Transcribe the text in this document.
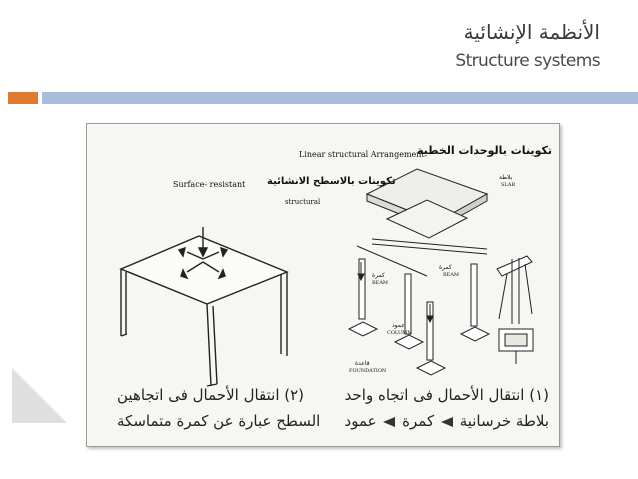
الأنظمة الإنشائية
Structure systems
تكوينات بالوحدات الخطية
Linear structural Arrangement
تكوينات بالاسطح الانشائية
Surface- resistant
structural
بلاطة
SLAB
كمرة
BEAM
كمرة
BEAM
عمود
COLUMN
قاعدة
FOUNDATION
(١) انتقال الأحمال فى اتجاه واحد
بلاطة خرسانية  كمرة  عمود
(٢) انتقال الأحمال فى اتجاهين
السطح عبارة عن كمرة متماسكة
